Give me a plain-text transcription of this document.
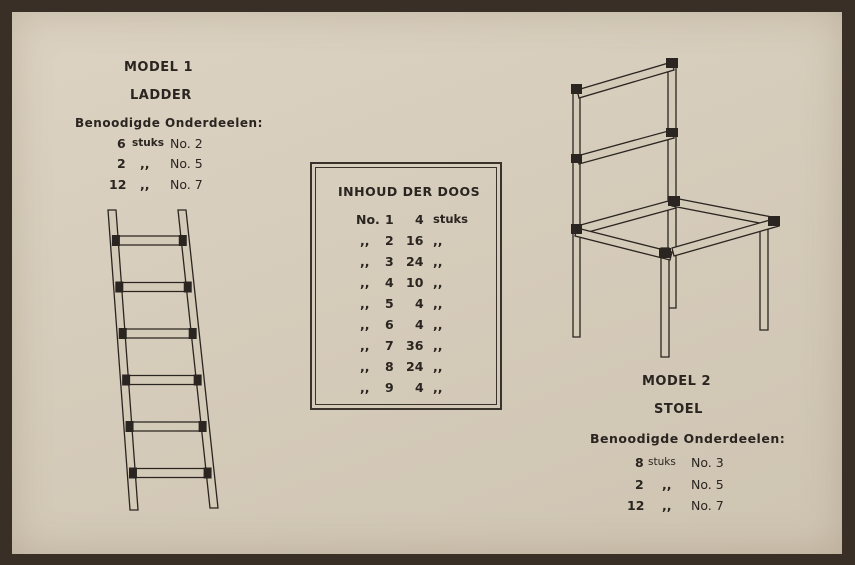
MODEL 1
LADDER
Benoodigde Onderdeelen:
6 stuks No. 2
2 ,, No. 5
12 ,, No. 7	INHOUD DER DOOS
No. 1 4 stuks
,, 2 16 ,,
,, 3 24 ,,
,, 4 10 ,,
,, 5 4 ,,
,, 6 4 ,,
,, 7 36 ,,
,, 8 24 ,,
,, 9 4 ,,	MODEL 2
STOEL
Benoodigde Onderdeelen:
8 stuks No. 3
2 ,, No. 5
12 ,, No. 7
